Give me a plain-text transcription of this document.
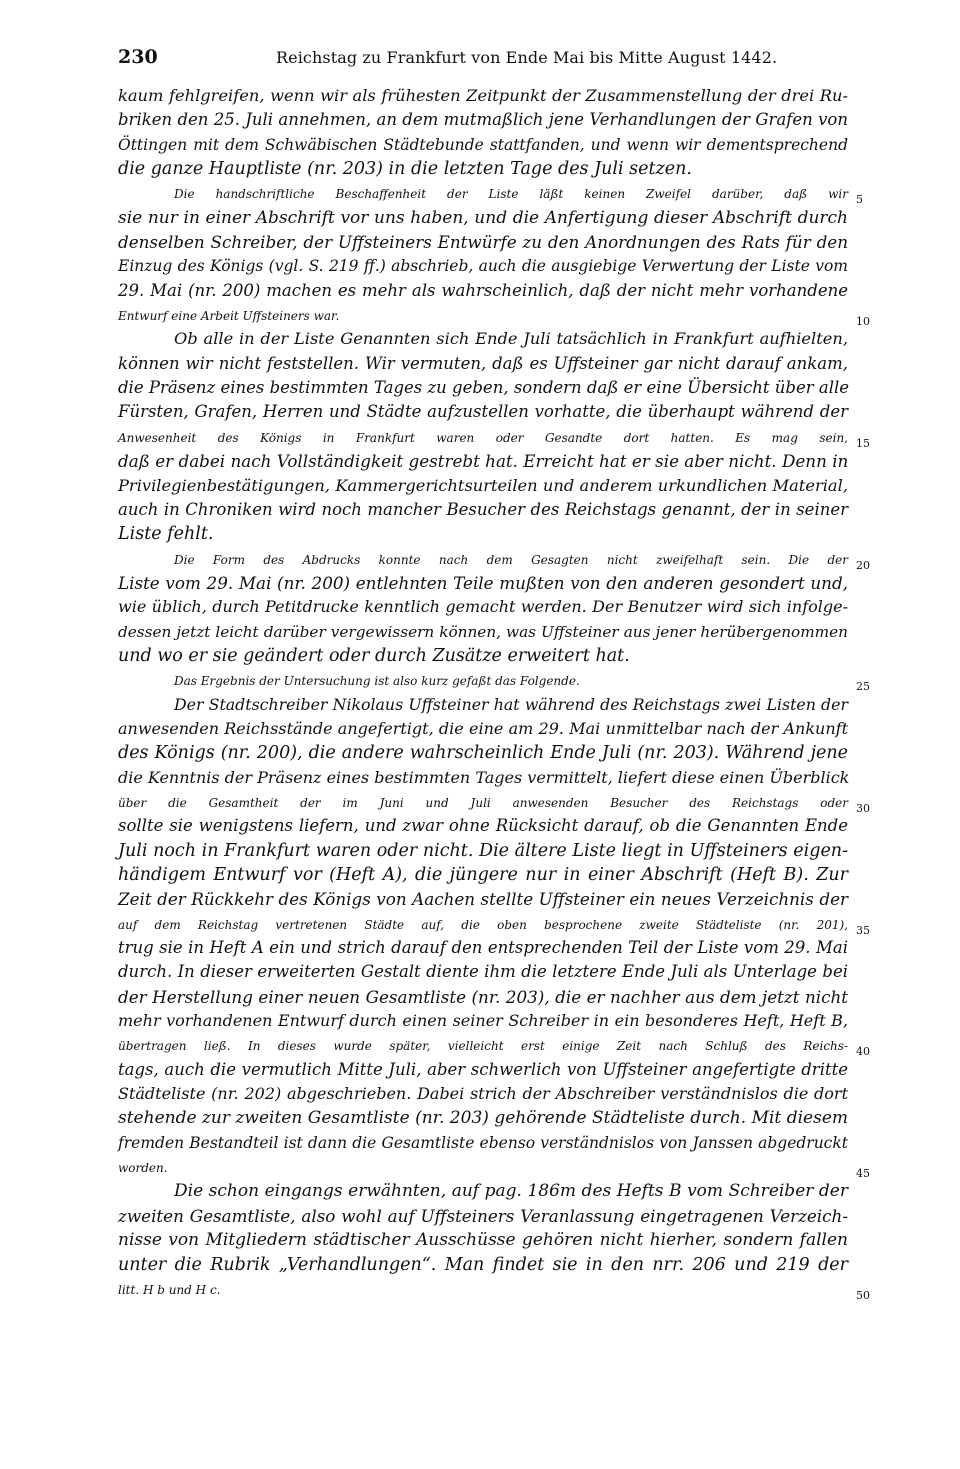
230	Reichstag zu Frankfurt von Ende Mai bis Mitte August 1442.
kaum fehlgreifen, wenn wir als frühesten Zeitpunkt der Zusammenstellung der drei Ru-
briken den 25. Juli annehmen, an dem mutmaßlich jene Verhandlungen der Grafen von
Öttingen mit dem Schwäbischen Städtebunde stattfanden, und wenn wir dementsprechend
die ganze Hauptliste (nr. 203) in die letzten Tage des Juli setzen.
Die handschriftliche Beschaffenheit der Liste läßt keinen Zweifel darüber, daß wir 5
sie nur in einer Abschrift vor uns haben, und die Anfertigung dieser Abschrift durch
denselben Schreiber, der Uffsteiners Entwürfe zu den Anordnungen des Rats für den
Einzug des Königs (vgl. S. 219 ff.) abschrieb, auch die ausgiebige Verwertung der Liste vom
29. Mai (nr. 200) machen es mehr als wahrscheinlich, daß der nicht mehr vorhandene
Entwurf eine Arbeit Uffsteiners war.	10
Ob alle in der Liste Genannten sich Ende Juli tatsächlich in Frankfurt aufhielten,
können wir nicht feststellen. Wir vermuten, daß es Uffsteiner gar nicht darauf ankam,
die Präsenz eines bestimmten Tages zu geben, sondern daß er eine Übersicht über alle
Fürsten, Grafen, Herren und Städte aufzustellen vorhatte, die überhaupt während der
Anwesenheit des Königs in Frankfurt waren oder Gesandte dort hatten. Es mag sein, 15
daß er dabei nach Vollständigkeit gestrebt hat. Erreicht hat er sie aber nicht. Denn in
Privilegienbestätigungen, Kammergerichtsurteilen und anderem urkundlichen Material,
auch in Chroniken wird noch mancher Besucher des Reichstags genannt, der in seiner
Liste fehlt.
Die Form des Abdrucks konnte nach dem Gesagten nicht zweifelhaft sein. Die der 20
Liste vom 29. Mai (nr. 200) entlehnten Teile mußten von den anderen gesondert und,
wie üblich, durch Petitdrucke kenntlich gemacht werden. Der Benutzer wird sich infolge-
dessen jetzt leicht darüber vergewissern können, was Uffsteiner aus jener herübergenommen
und wo er sie geändert oder durch Zusätze erweitert hat.
Das Ergebnis der Untersuchung ist also kurz gefaßt das Folgende.	25
Der Stadtschreiber Nikolaus Uffsteiner hat während des Reichstags zwei Listen der
anwesenden Reichsstände angefertigt, die eine am 29. Mai unmittelbar nach der Ankunft
des Königs (nr. 200), die andere wahrscheinlich Ende Juli (nr. 203). Während jene
die Kenntnis der Präsenz eines bestimmten Tages vermittelt, liefert diese einen Überblick
über die Gesamtheit der im Juni und Juli anwesenden Besucher des Reichstags oder 30
sollte sie wenigstens liefern, und zwar ohne Rücksicht darauf, ob die Genannten Ende
Juli noch in Frankfurt waren oder nicht. Die ältere Liste liegt in Uffsteiners eigen-
händigem Entwurf vor (Heft A), die jüngere nur in einer Abschrift (Heft B). Zur
Zeit der Rückkehr des Königs von Aachen stellte Uffsteiner ein neues Verzeichnis der
auf dem Reichstag vertretenen Städte auf, die oben besprochene zweite Städteliste (nr. 201), 35
trug sie in Heft A ein und strich darauf den entsprechenden Teil der Liste vom 29. Mai
durch. In dieser erweiterten Gestalt diente ihm die letztere Ende Juli als Unterlage bei
der Herstellung einer neuen Gesamtliste (nr. 203), die er nachher aus dem jetzt nicht
mehr vorhandenen Entwurf durch einen seiner Schreiber in ein besonderes Heft, Heft B,
übertragen ließ. In dieses wurde später, vielleicht erst einige Zeit nach Schluß des Reichs- 40
tags, auch die vermutlich Mitte Juli, aber schwerlich von Uffsteiner angefertigte dritte
Städteliste (nr. 202) abgeschrieben. Dabei strich der Abschreiber verständnislos die dort
stehende zur zweiten Gesamtliste (nr. 203) gehörende Städteliste durch. Mit diesem
fremden Bestandteil ist dann die Gesamtliste ebenso verständnislos von Janssen abgedruckt
worden.	45
Die schon eingangs erwähnten, auf pag. 186m des Hefts B vom Schreiber der
zweiten Gesamtliste, also wohl auf Uffsteiners Veranlassung eingetragenen Verzeich-
nisse von Mitgliedern städtischer Ausschüsse gehören nicht hierher, sondern fallen
unter die Rubrik „Verhandlungen“. Man findet sie in den nrr. 206 und 219 der
litt. H b und H c.	50
